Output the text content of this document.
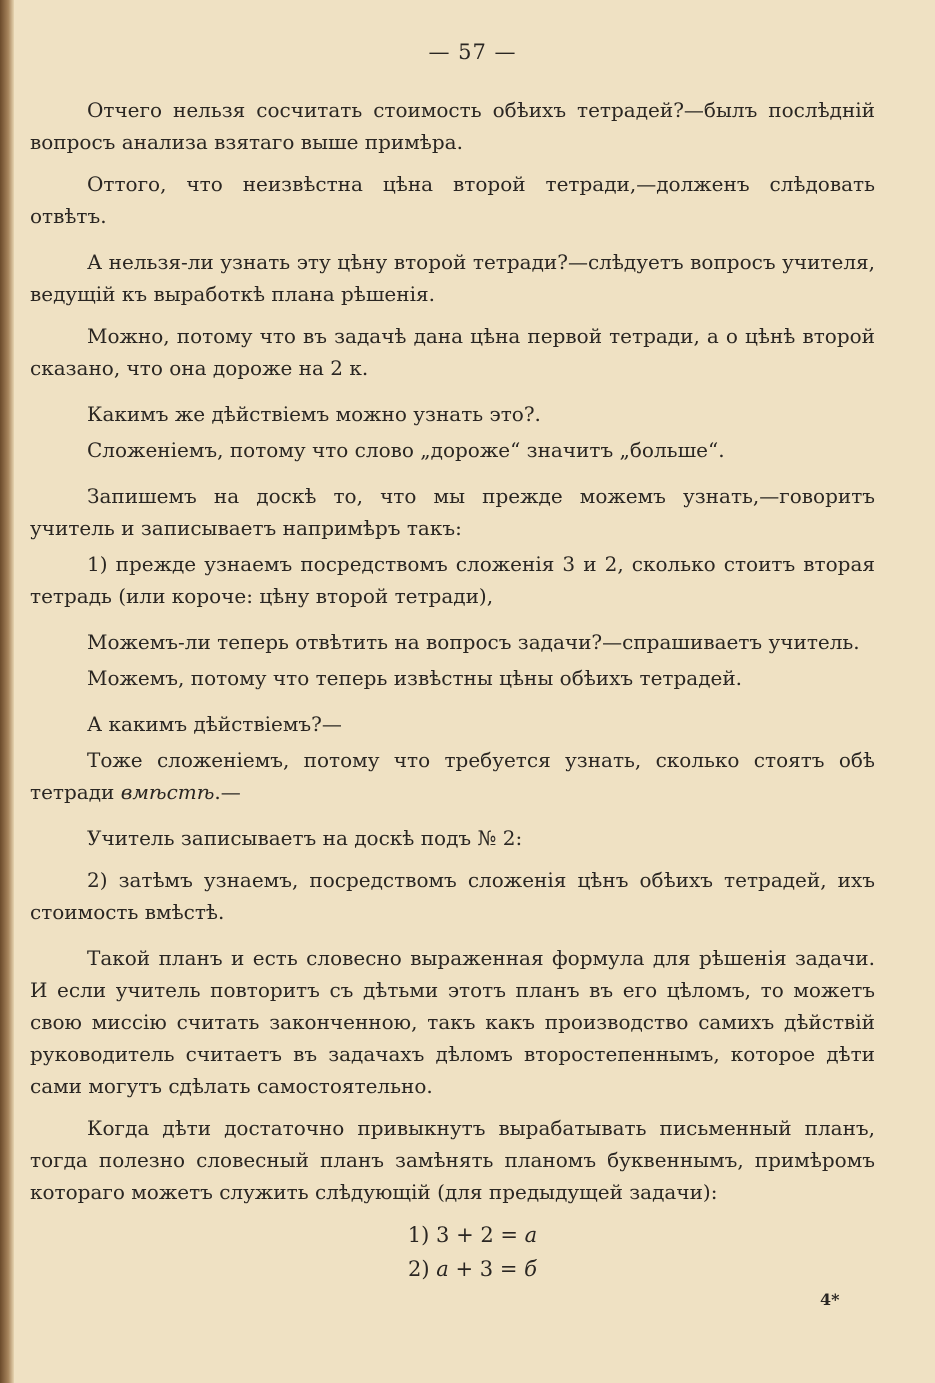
— 57 —

Отчего нельзя сосчитать стоимость обѣихъ тетрадей?—былъ послѣдній вопросъ анализа взятаго выше примѣра.

Оттого, что неизвѣстна цѣна второй тетради,—долженъ слѣдовать отвѣтъ.

А нельзя-ли узнать эту цѣну второй тетради?—слѣдуетъ вопросъ учителя, ведущій къ выработкѣ плана рѣшенія.

Можно, потому что въ задачѣ дана цѣна первой тетради, а о цѣнѣ второй сказано, что она дороже на 2 к.

Какимъ же дѣйствіемъ можно узнать это?.

Сложеніемъ, потому что слово „дороже“ значитъ „больше“.

Запишемъ на доскѣ то, что мы прежде можемъ узнать,—говоритъ учитель и записываетъ напримѣръ такъ:

1) прежде узнаемъ посредствомъ сложенія 3 и 2, сколько стоитъ вторая тетрадь (или короче: цѣну второй тетради),

Можемъ-ли теперь отвѣтить на вопросъ задачи?—спрашиваетъ учитель.

Можемъ, потому что теперь извѣстны цѣны обѣихъ тетрадей.

А какимъ дѣйствіемъ?—

Тоже сложеніемъ, потому что требуется узнать, сколько стоятъ обѣ тетради вмѣстѣ.—

Учитель записываетъ на доскѣ подъ № 2:

2) затѣмъ узнаемъ, посредствомъ сложенія цѣнъ обѣихъ тетрадей, ихъ стоимость вмѣстѣ.

Такой планъ и есть словесно выраженная формула для рѣшенія задачи. И если учитель повторитъ съ дѣтьми этотъ планъ въ его цѣломъ, то можетъ свою миссію считать законченною, такъ какъ производство самихъ дѣйствій руководитель считаетъ въ задачахъ дѣломъ второстепеннымъ, которое дѣти сами могутъ сдѣлать самостоятельно.

Когда дѣти достаточно привыкнутъ вырабатывать письменный планъ, тогда полезно словесный планъ замѣнять планомъ буквеннымъ, примѣромъ котораго можетъ служить слѣдующій (для предыдущей задачи):

1) 3 + 2 = a
2) a + 3 = б
4*
